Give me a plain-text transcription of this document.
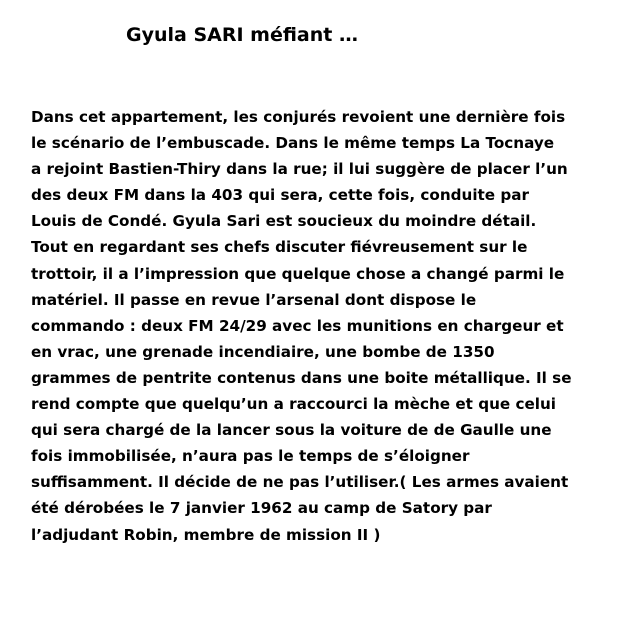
Gyula SARI méfiant …
Dans cet appartement, les conjurés revoient une dernière fois
le scénario de l’embuscade. Dans le même temps La Tocnaye
a rejoint Bastien-Thiry dans la rue; il lui suggère de placer l’un
des deux FM dans la 403 qui sera, cette fois, conduite par
Louis de Condé. Gyula Sari est soucieux du moindre détail.
Tout en regardant ses chefs discuter fiévreusement sur le
trottoir, il a l’impression que quelque chose a changé parmi le
matériel. Il passe en revue l’arsenal dont dispose le
commando : deux FM 24/29 avec les munitions en chargeur et
en vrac, une grenade incendiaire, une bombe de 1350
grammes de pentrite contenus dans une boite métallique. Il se
rend compte que quelqu’un a raccourci la mèche et que celui
qui sera chargé de la lancer sous la voiture de de Gaulle une
fois immobilisée, n’aura pas le temps de s’éloigner
suffisamment. Il décide de ne pas l’utiliser.( Les armes avaient
été dérobées le 7 janvier 1962 au camp de Satory par
l’adjudant Robin, membre de mission II )
